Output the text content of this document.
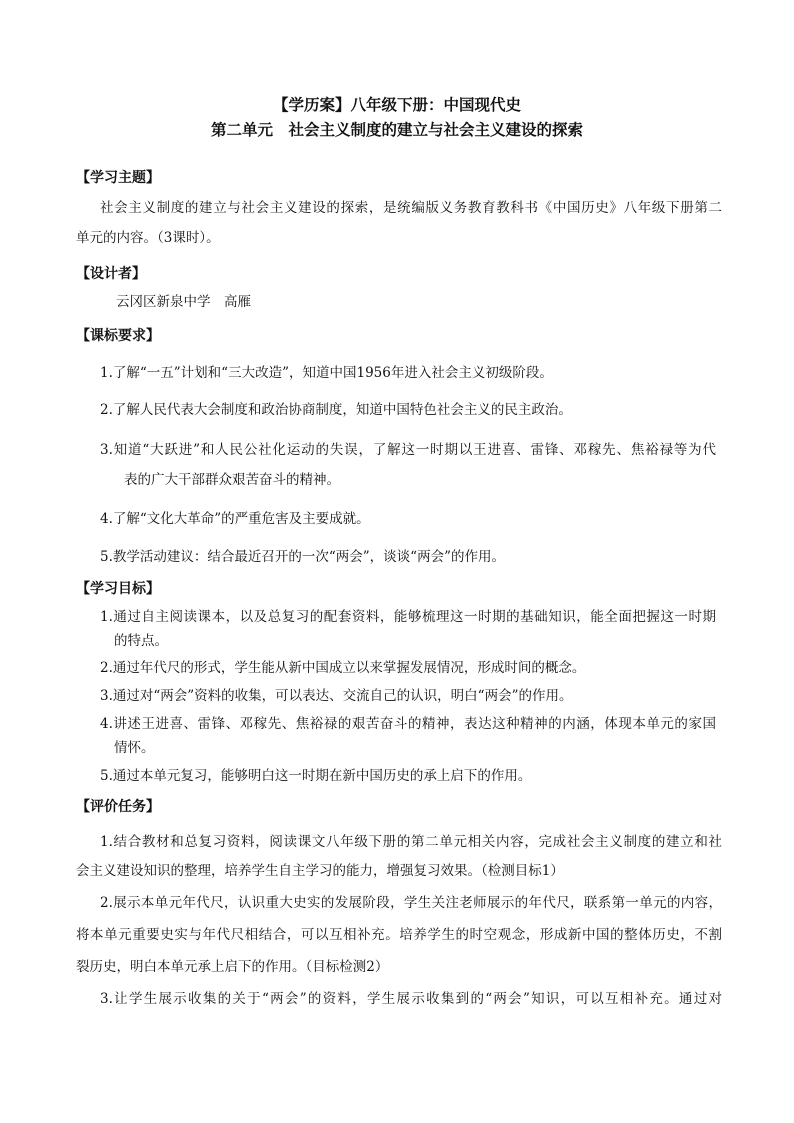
【学历案】八年级下册：中国现代史
第二单元　社会主义制度的建立与社会主义建设的探索
【学习主题】
社会主义制度的建立与社会主义建设的探索，是统编版义务教育教科书《中国历史》八年级下册第二
单元的内容。（3课时）。
【设计者】
云冈区新泉中学　高雁
【课标要求】
1.了解“一五”计划和“三大改造”，知道中国1956年进入社会主义初级阶段。
2.了解人民代表大会制度和政治协商制度，知道中国特色社会主义的民主政治。
3.知道“大跃进”和人民公社化运动的失误，了解这一时期以王进喜、雷锋、邓稼先、焦裕禄等为代
表的广大干部群众艰苦奋斗的精神。
4.了解“文化大革命”的严重危害及主要成就。
5.教学活动建议：结合最近召开的一次“两会”，谈谈“两会”的作用。
【学习目标】
1.通过自主阅读课本，以及总复习的配套资料，能够梳理这一时期的基础知识，能全面把握这一时期
的特点。
2.通过年代尺的形式，学生能从新中国成立以来掌握发展情况，形成时间的概念。
3.通过对“两会”资料的收集，可以表达、交流自己的认识，明白“两会”的作用。
4.讲述王进喜、雷锋、邓稼先、焦裕禄的艰苦奋斗的精神，表达这种精神的内涵，体现本单元的家国
情怀。
5.通过本单元复习，能够明白这一时期在新中国历史的承上启下的作用。
【评价任务】
1.结合教材和总复习资料，阅读课文八年级下册的第二单元相关内容，完成社会主义制度的建立和社
会主义建设知识的整理，培养学生自主学习的能力，增强复习效果。（检测目标1）
2.展示本单元年代尺，认识重大史实的发展阶段，学生关注老师展示的年代尺，联系第一单元的内容，
将本单元重要史实与年代尺相结合，可以互相补充。培养学生的时空观念，形成新中国的整体历史，不割
裂历史，明白本单元承上启下的作用。（目标检测2）
3.让学生展示收集的关于“两会”的资料，学生展示收集到的“两会”知识，可以互相补充。通过对
